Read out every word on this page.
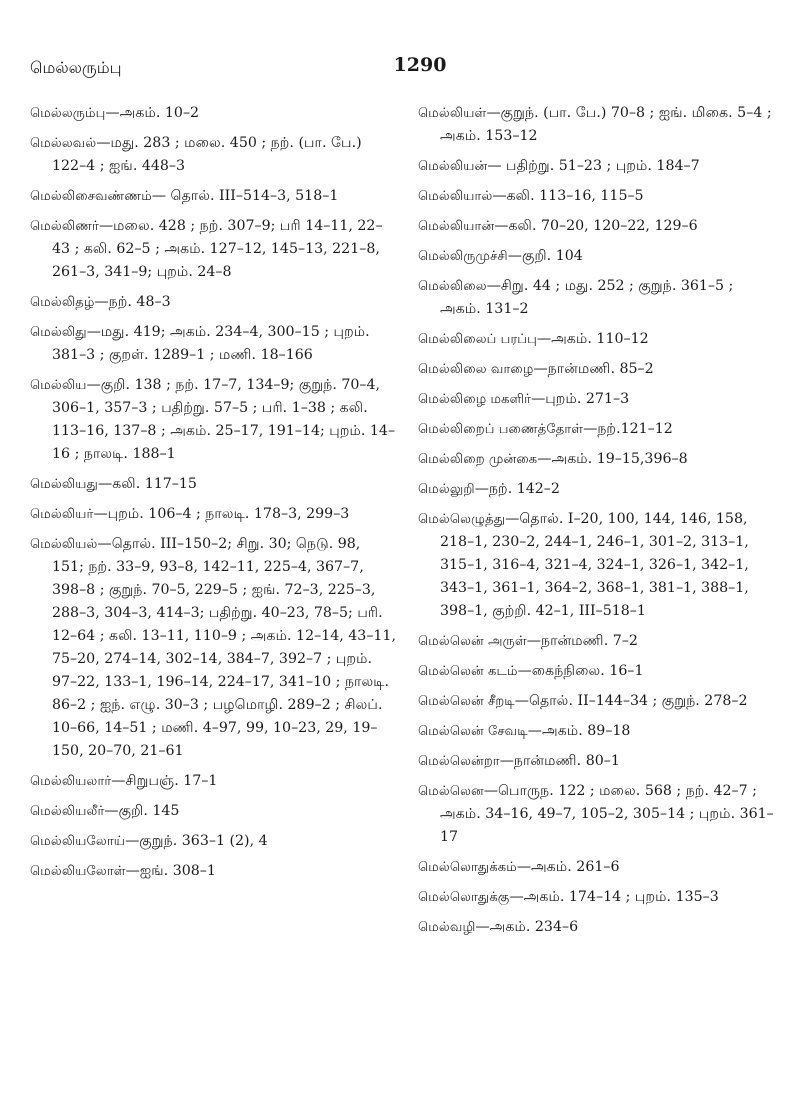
மெல்லரும்பு	1290
மெல்லரும்பு—அகம். 10–2
மெல்லவல்—மது. 283 ; மலை. 450 ; நற். (பா. பே.) 122–4 ; ஐங். 448–3
மெல்லிசைவண்ணம்— தொல். III–514–3, 518–1
மெல்லிணர்—மலை. 428 ; நற். 307–9; பரி 14–11, 22–43 ; கலி. 62–5 ; அகம். 127–12, 145–13, 221–8, 261–3, 341–9; புறம். 24–8
மெல்லிதழ்—நற். 48–3
மெல்லிது—மது. 419; அகம். 234–4, 300–15 ; புறம். 381–3 ; குறள். 1289–1 ; மணி. 18–166
மெல்லிய—குறி. 138 ; நற். 17–7, 134–9; குறுந். 70–4, 306–1, 357–3 ; பதிற்று. 57–5 ; பரி. 1–38 ; கலி. 113–16, 137–8 ; அகம். 25–17, 191–14; புறம். 14–16 ; நாலடி. 188–1
மெல்லியது—கலி. 117–15
மெல்லியர்—புறம். 106–4 ; நாலடி. 178–3, 299–3
மெல்லியல்—தொல். III–150–2; சிறு. 30; நெடு. 98, 151; நற். 33–9, 93–8, 142–11, 225–4, 367–7, 398–8 ; குறுந். 70–5, 229–5 ; ஐங். 72–3, 225–3, 288–3, 304–3, 414–3; பதிற்று. 40–23, 78–5; பரி. 12–64 ; கலி. 13–11, 110–9 ; அகம். 12–14, 43–11, 75–20, 274–14, 302–14, 384–7, 392–7 ; புறம். 97–22, 133–1, 196–14, 224–17, 341–10 ; நாலடி. 86–2 ; ஐந். எழு. 30–3 ; பழமொழி. 289–2 ; சிலப். 10–66, 14–51 ; மணி. 4–97, 99, 10–23, 29, 19–150, 20–70, 21–61
மெல்லியலார்—சிறுபஞ். 17–1
மெல்லியலீர்—குறி. 145
மெல்லியலோய்—குறுந். 363–1 (2), 4
மெல்லியலோள்—ஐங். 308–1
மெல்லியள்—குறுந். (பா. பே.) 70–8 ; ஐங். மிகை. 5–4 ; அகம். 153–12
மெல்லியன்— பதிற்று. 51–23 ; புறம். 184–7
மெல்லியால்—கலி. 113–16, 115–5
மெல்லியான்—கலி. 70–20, 120–22, 129–6
மெல்லிருமுச்சி—குறி. 104
மெல்லிலை—சிறு. 44 ; மது. 252 ; குறுந். 361–5 ; அகம். 131–2
மெல்லிலைப் பரப்பு—அகம். 110–12
மெல்லிலை வாழை—நான்மணி. 85–2
மெல்லிழை மகளிர்—புறம். 271–3
மெல்லிறைப் பணைத்தோள்—நற்.121–12
மெல்லிறை முன்கை—அகம். 19–15,396–8
மெல்லுறி—நற். 142–2
மெல்லெழுத்து—தொல். I–20, 100, 144, 146, 158, 218–1, 230–2, 244–1, 246–1, 301–2, 313–1, 315–1, 316–4, 321–4, 324–1, 326–1, 342–1, 343–1, 361–1, 364–2, 368–1, 381–1, 388–1, 398–1, குற்றி. 42–1, III–518–1
மெல்லென் அருள்—நான்மணி. 7–2
மெல்லென் கடம்—கைந்நிலை. 16–1
மெல்லென் சீறடி—தொல். II–144–34 ; குறுந். 278–2
மெல்லென் சேவடி—அகம். 89–18
மெல்லென்றா—நான்மணி. 80–1
மெல்லென—பொருந. 122 ; மலை. 568 ; நற். 42–7 ; அகம். 34–16, 49–7, 105–2, 305–14 ; புறம். 361–17
மெல்லொதுக்கம்—அகம். 261–6
மெல்லொதுக்கு—அகம். 174–14 ; புறம். 135–3
மெல்வழி—அகம். 234–6
